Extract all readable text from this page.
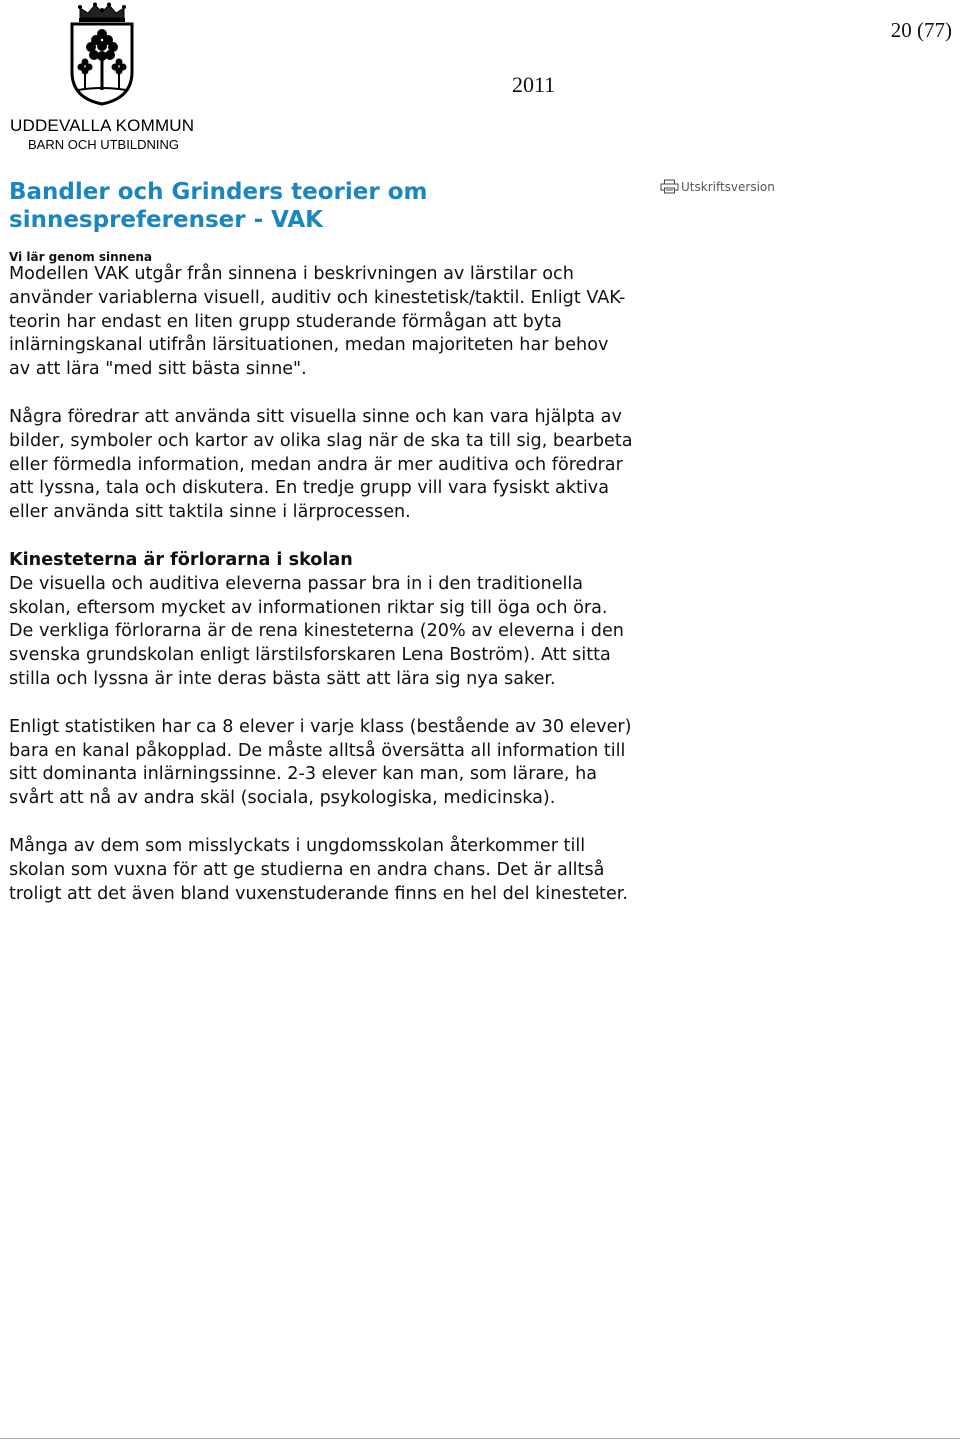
UDDEVALLA KOMMUN
BARN OCH UTBILDNING
20 (77)
2011
Utskriftsversion
Bandler och Grinders teorier om sinnespreferenser - VAK
Vi lär genom sinnena

Modellen VAK utgår från sinnena i beskrivningen av lärstilar och använder variablerna visuell, auditiv och kinestetisk/taktil. Enligt VAK-teorin har endast en liten grupp studerande förmågan att byta inlärningskanal utifrån lärsituationen, medan majoriteten har behov av att lära "med sitt bästa sinne".

Några föredrar att använda sitt visuella sinne och kan vara hjälpta av bilder, symboler och kartor av olika slag när de ska ta till sig, bearbeta eller förmedla information, medan andra är mer auditiva och föredrar att lyssna, tala och diskutera. En tredje grupp vill vara fysiskt aktiva eller använda sitt taktila sinne i lärprocessen.

Kinesteterna är förlorarna i skolan

De visuella och auditiva eleverna passar bra in i den traditionella skolan, eftersom mycket av informationen riktar sig till öga och öra. De verkliga förlorarna är de rena kinesteterna (20% av eleverna i den svenska grundskolan enligt lärstilsforskaren Lena Boström). Att sitta stilla och lyssna är inte deras bästa sätt att lära sig nya saker.

Enligt statistiken har ca 8 elever i varje klass (bestående av 30 elever) bara en kanal påkopplad. De måste alltså översätta all information till sitt dominanta inlärningssinne. 2-3 elever kan man, som lärare, ha svårt att nå av andra skäl (sociala, psykologiska, medicinska).

Många av dem som misslyckats i ungdomsskolan återkommer till skolan som vuxna för att ge studierna en andra chans. Det är alltså troligt att det även bland vuxenstuderande finns en hel del kinesteter.
